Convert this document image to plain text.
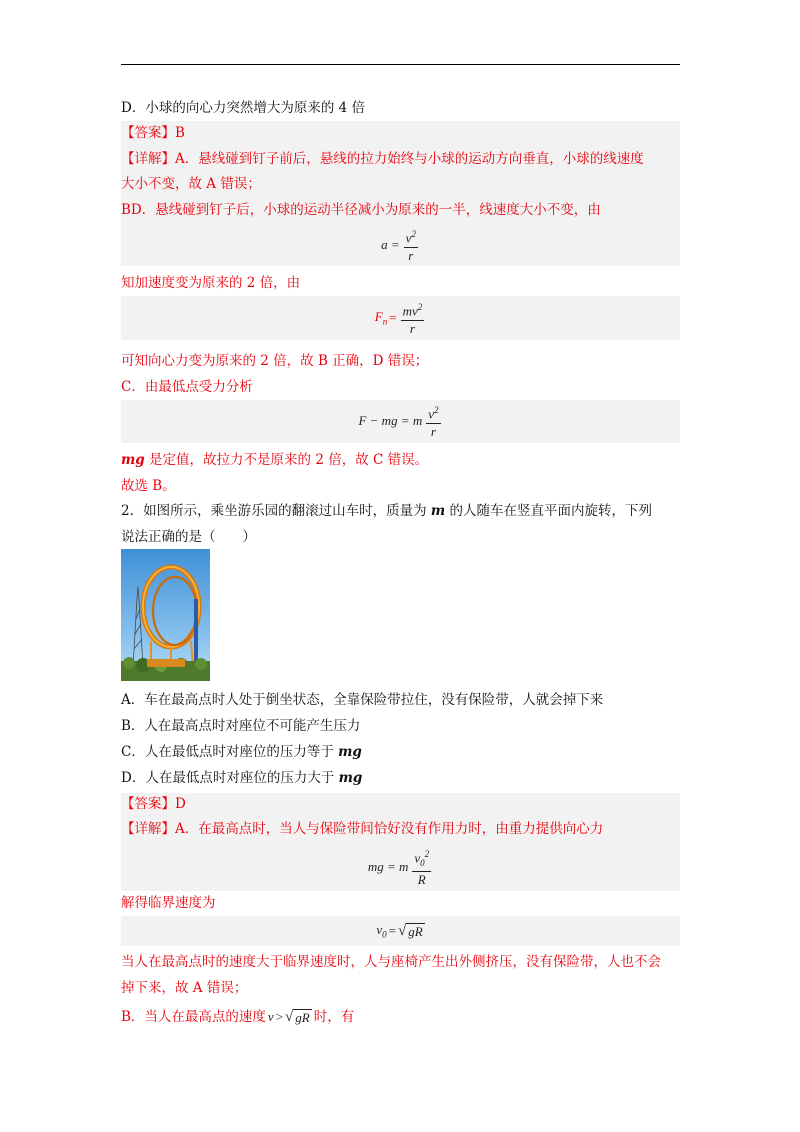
D．小球的向心力突然增大为原来的 4 倍
【答案】B
【详解】A．悬线碰到钉子前后，悬线的拉力始终与小球的运动方向垂直，小球的线速度
大小不变，故 A 错误；
BD．悬线碰到钉子后，小球的运动半径减小为原来的一半，线速度大小不变，由
$a = \frac{v^2}{r}$
知加速度变为原来的 2 倍，由
$F_n = \frac{mv^2}{r}$
可知向心力变为原来的 2 倍，故 B 正确，D 错误；
C．由最低点受力分析
F − mg = m $\frac{v^2}{r}$
mg 是定值，故拉力不是原来的 2 倍，故 C 错误。
故选 B。
2．如图所示，乘坐游乐园的翻滚过山车时，质量为 m 的人随车在竖直平面内旋转，下列
说法正确的是（　　）
A．车在最高点时人处于倒坐状态，全靠保险带拉住，没有保险带，人就会掉下来
B．人在最高点时对座位不可能产生压力
C．人在最低点时对座位的压力等于 mg
D．人在最低点时对座位的压力大于 mg
【答案】D
【详解】A．在最高点时，当人与保险带间恰好没有作用力时，由重力提供向心力
mg = m $\frac{v_0^2}{R}$
解得临界速度为
$v_0$ = √ gR
当人在最高点时的速度大于临界速度时，人与座椅产生出外侧挤压，没有保险带，人也不会
掉下来，故 A 错误；
B．当人在最高点的速度 v > √ gR 时，有
